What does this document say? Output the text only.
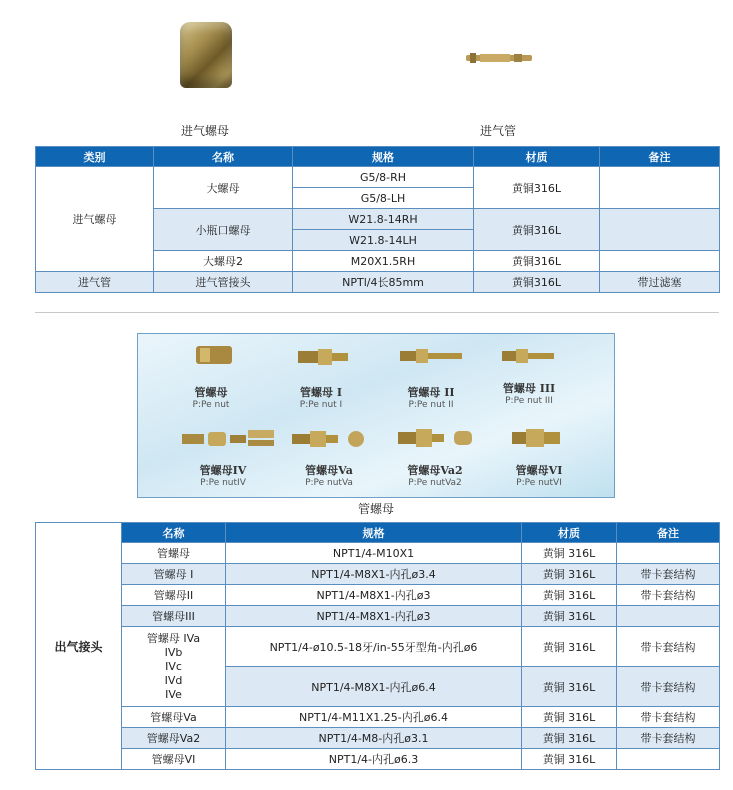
进气螺母	进气管
类别	名称	规格	材质	备注
进气螺母	大螺母	G5/8-RH	黄铜316L	
		G5/8-LH		
	小瓶口螺母	W21.8-14RH	黄铜316L	
		W21.8-14LH		
	大螺母2	M20X1.5RH	黄铜316L	
进气管	进气管接头	NPTl/4长85mm	黄铜316L	带过滤塞
管螺母
P:Pe nut
管螺母 I
P:Pe nut I
管螺母 II
P:Pe nut II
管螺母 III
P:Pe nut III
管螺母IV
P:Pe nutIV
管螺母Va
P:Pe nutVa
管螺母Va2
P:Pe nutVa2
管螺母VI
P:Pe nutVI
管螺母
出气接头	名称	规格	材质	备注
	管螺母	NPT1/4-M10X1	黄铜 316L	
	管螺母 I	NPT1/4-M8X1-内孔ø3.4	黄铜 316L	带卡套结构
	管螺母II	NPT1/4-M8X1-内孔ø3	黄铜 316L	带卡套结构
	管螺母III	NPT1/4-M8X1-内孔ø3	黄铜 316L	

	管螺母 IVa
IVb
IVc
IVd
IVe	NPT1/4-ø10.5-18牙/in-55牙型角-内孔ø6	黄铜 316L	带卡套结构
		NPT1/4-M8X1-内孔ø6.4	黄铜 316L	带卡套结构
	管螺母Va	NPT1/4-M11X1.25-内孔ø6.4	黄铜 316L	带卡套结构
	管螺母Va2	NPT1/4-M8-内孔ø3.1	黄铜 316L	带卡套结构
	管螺母VI	NPT1/4-内孔ø6.3	黄铜 316L	
